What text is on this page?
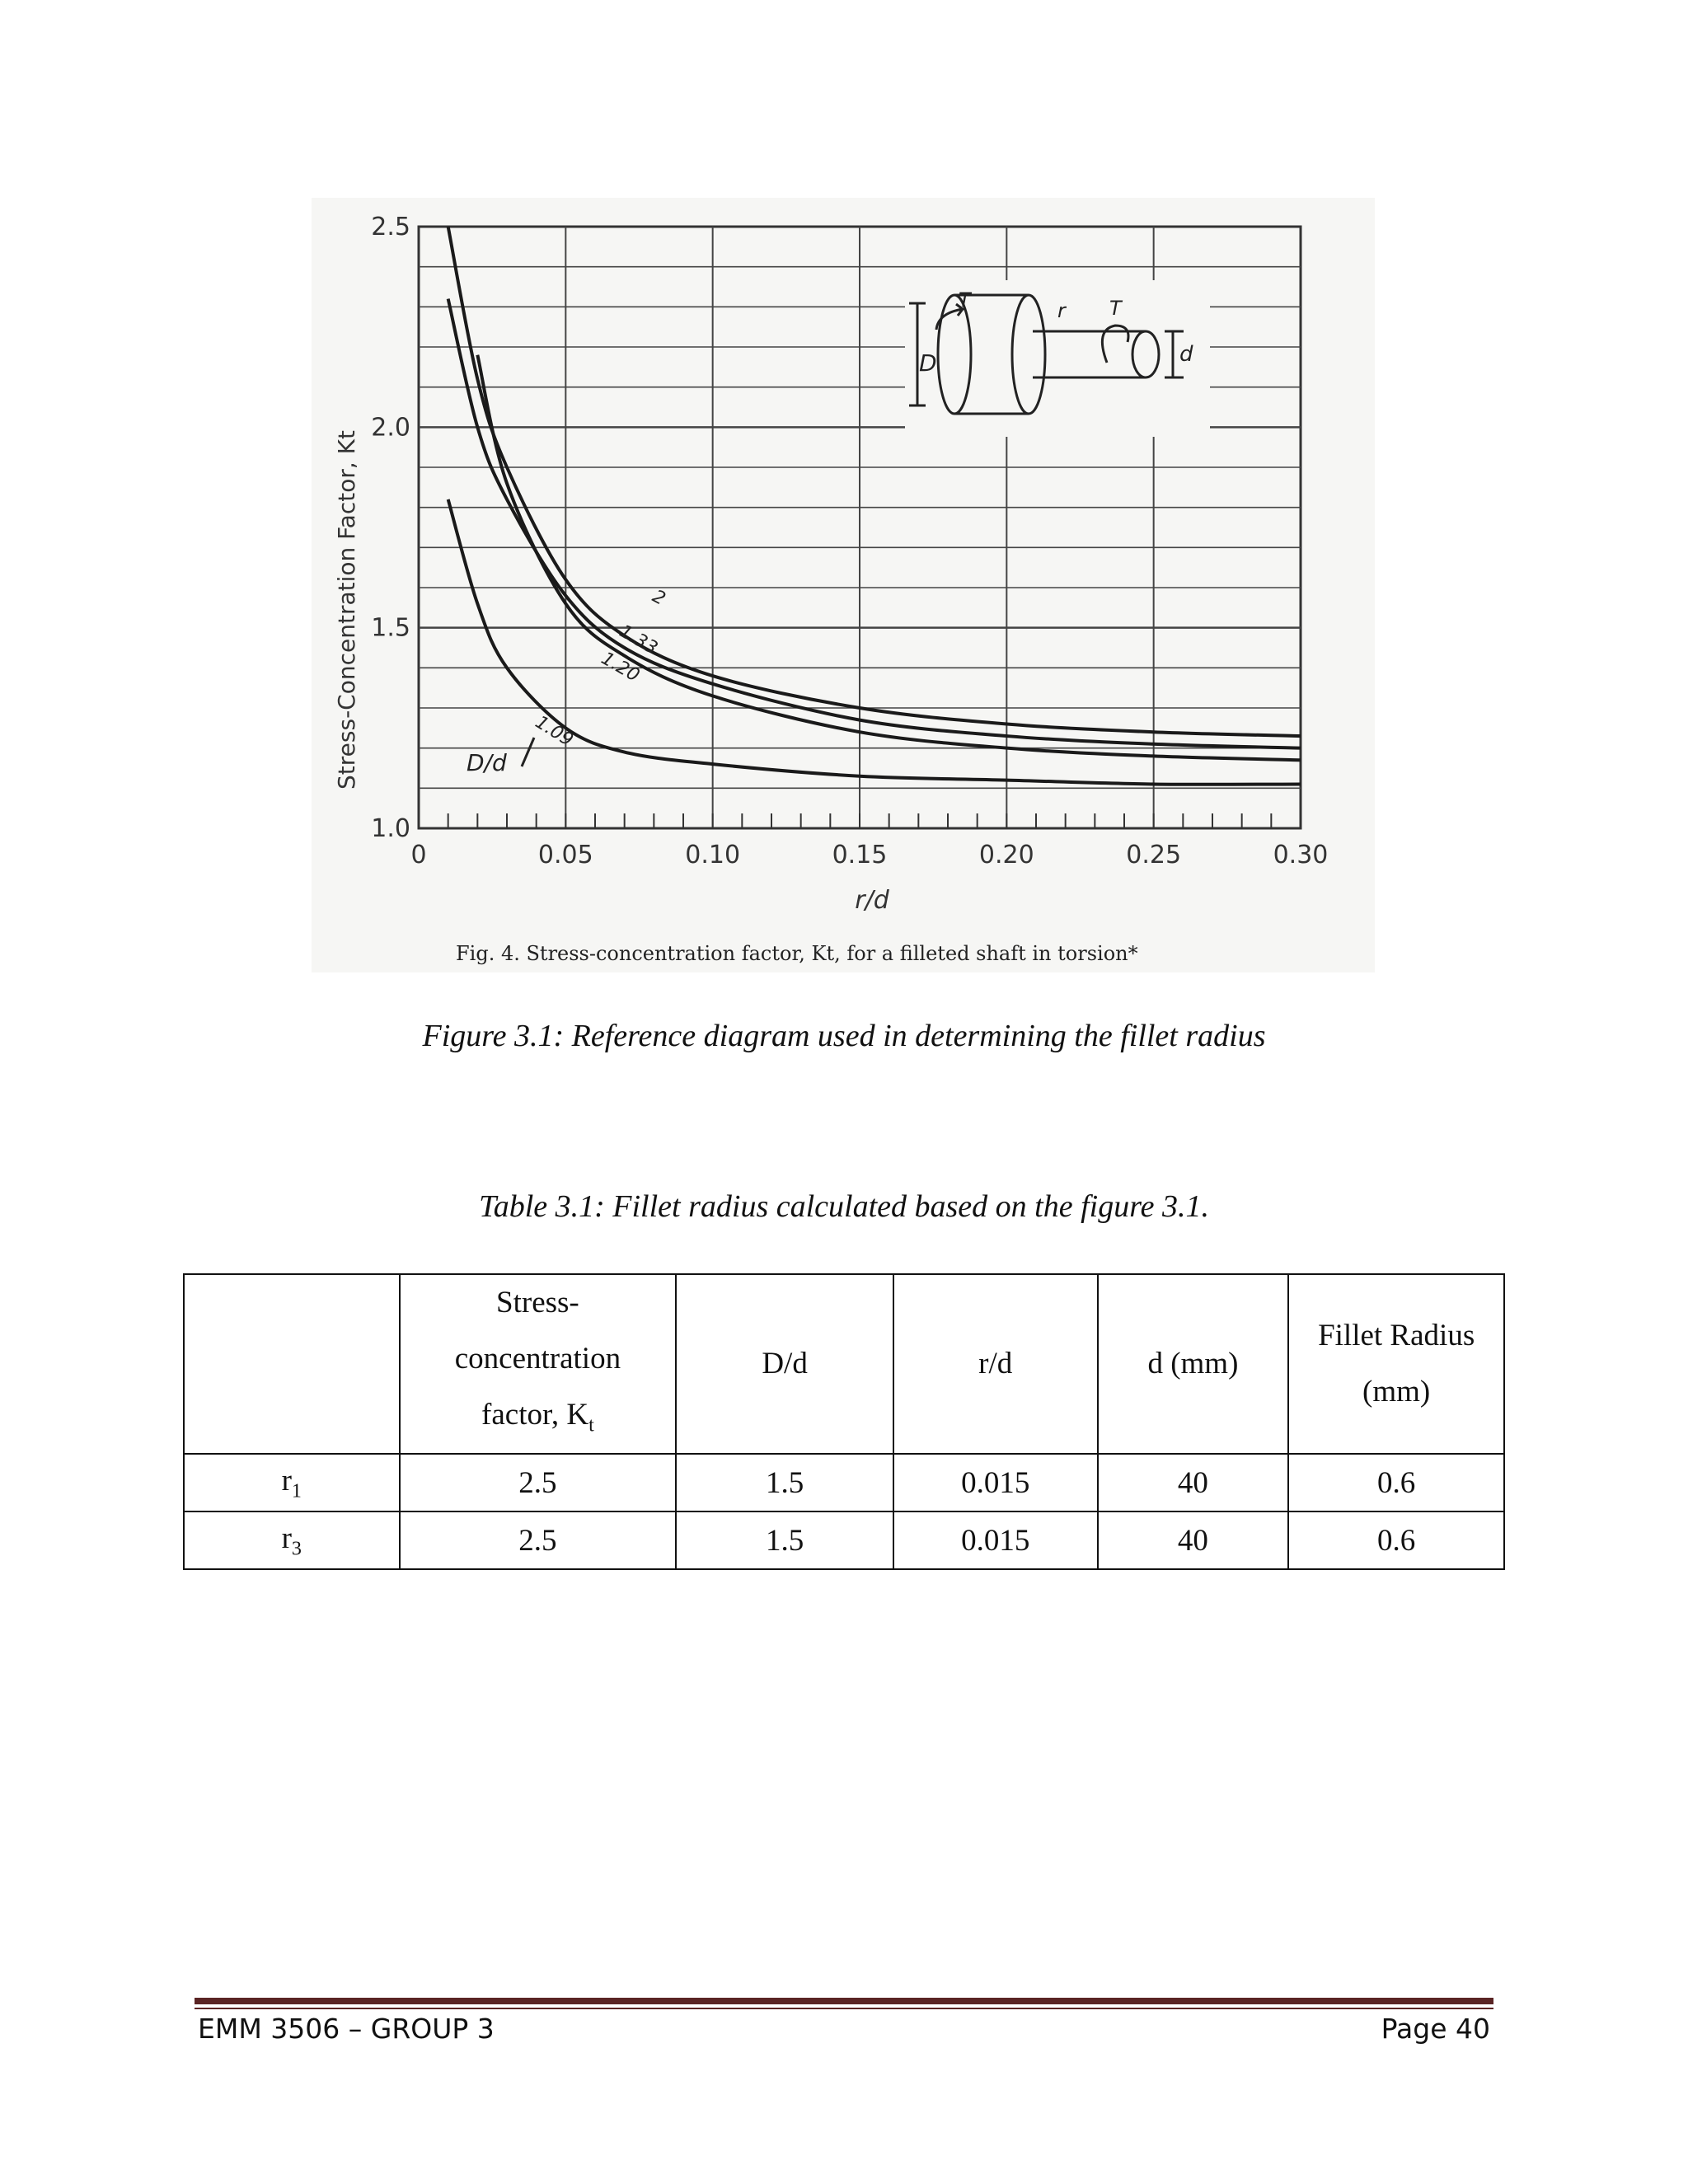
0	0.05	0.10	0.15	0.20	0.25	0.30
2.5
2.0
1.5
1.0
D	d
r
T	T
Stress-Concentration Factor, Kt
r/d
2
1.33
1.20
1.09
D/d
Fig. 4. Stress-concentration factor, Kt, for a filleted shaft in torsion*
Figure 3.1: Reference diagram used in determining the fillet radius
Table 3.1: Fillet radius calculated based on the figure 3.1.
	Stress-
concentration
factor, $K_t$	D/d	r/d	d (mm)	Fillet Radius
(mm)
$r_1$	2.5	1.5	0.015	40	0.6
$r_3$	2.5	1.5	0.015	40	0.6
EMM 3506 – GROUP 3	Page 40
